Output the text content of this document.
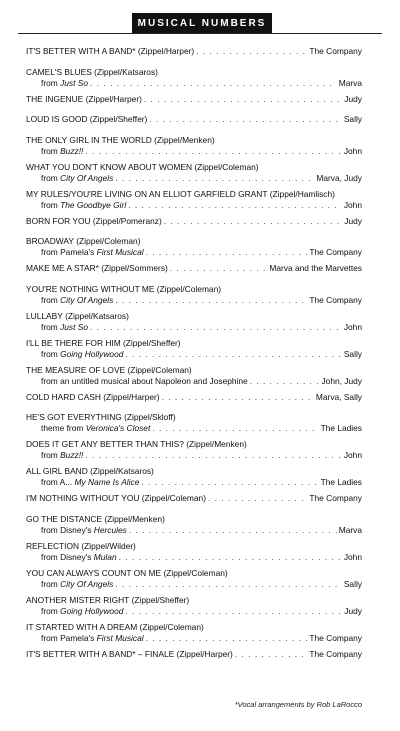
MUSICAL NUMBERS
IT'S BETTER WITH A BAND*
(Zippel/Harper) . . .	The Company
CAMEL'S BLUES
(Zippel/Katsaros)
from Just So . . .	Marva
THE INGENUE
(Zippel/Harper) . . .	Judy
LOUD IS GOOD
(Zippel/Sheffer) . . .	Sally
THE ONLY GIRL IN THE WORLD
(Zippel/Menken)
from Buzz!! . . .	John
WHAT YOU DON'T KNOW ABOUT WOMEN
(Zippel/Coleman)
from City Of Angels . . .	Marva, Judy
MY RULES/YOU'RE LIVING ON AN ELLIOT GARFIELD GRANT
(Zippel/Hamlisch)
from The Goodbye Girl . . .	John
BORN FOR YOU
(Zippel/Pomeranz) . . .	Judy
BROADWAY
(Zippel/Coleman)
from Pamela's First Musical . . .	The Company
MAKE ME A STAR*
(Zippel/Sommers) . . .	Marva and the Marvettes
YOU'RE NOTHING WITHOUT ME
(Zippel/Coleman)
from City Of Angels . . .	The Company
LULLABY
(Zippel/Katsaros)
from Just So . . .	John
I'LL BE THERE FOR HIM
(Zippel/Sheffer)
from Going Hollywood . . .	Sally
THE MEASURE OF LOVE
(Zippel/Coleman)
from an untitled musical about Napoleon and Josephine . . .	John, Judy
COLD HARD CASH
(Zippel/Harper) . . .	Marva, Sally
HE'S GOT EVERYTHING
(Zippel/Skloff)
theme from Veronica's Closet . . .	The Ladies
DOES IT GET ANY BETTER THAN THIS?
(Zippel/Menken)
from Buzz!! . . .	John
ALL GIRL BAND
(Zippel/Katsaros)
from A... My Name Is Alice . . .	The Ladies
I'M NOTHING WITHOUT YOU
(Zippel/Coleman) . . .	The Company
GO THE DISTANCE
(Zippel/Menken)
from Disney's Hercules . . .	Marva
REFLECTION
(Zippel/Wilder)
from Disney's Mulan . . .	John
YOU CAN ALWAYS COUNT ON ME
(Zippel/Coleman)
from City Of Angels . . .	Sally
ANOTHER MISTER RIGHT
(Zippel/Sheffer)
from Going Hollywood . . .	Judy
IT STARTED WITH A DREAM
(Zippel/Coleman)
from Pamela's First Musical . . .	The Company
IT'S BETTER WITH A BAND* – FINALE
(Zippel/Harper) . . .	The Company
*Vocal arrangements by Rob LaRocco
